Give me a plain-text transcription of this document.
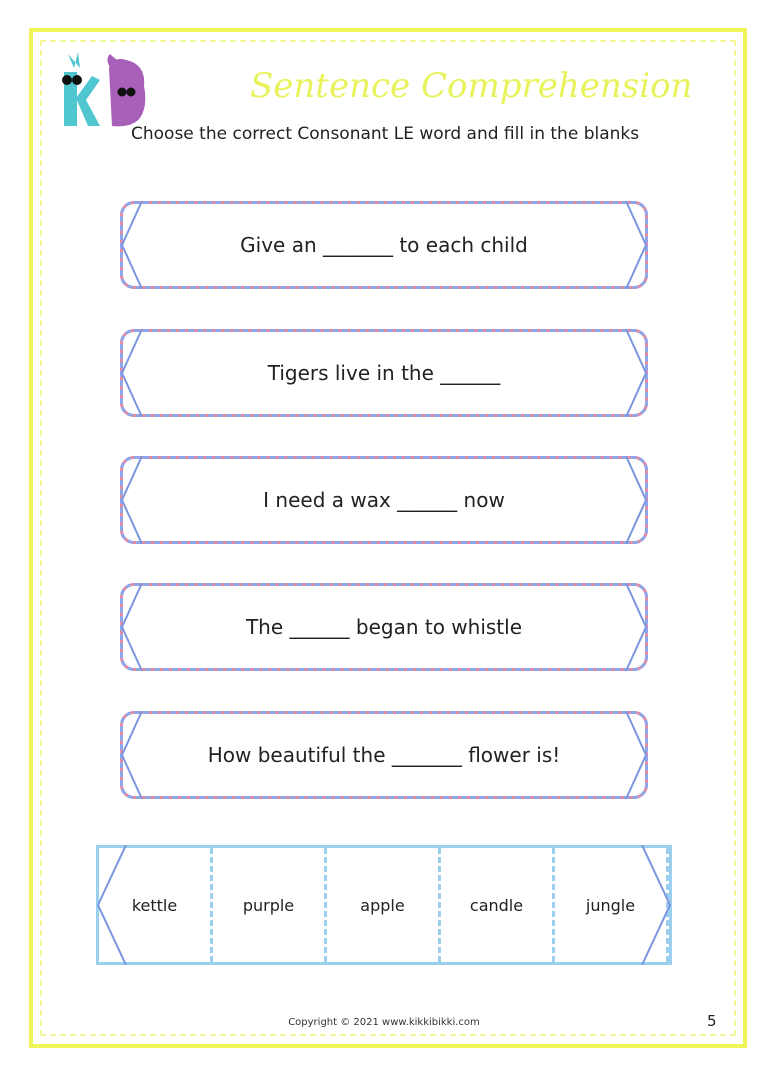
Sentence Comprehension
Choose the correct Consonant LE word and fill in the blanks
Give an _______ to each child
Tigers live in the ______
I need a wax ______ now
The ______ began to whistle
How beautiful the _______ flower is!
kettle	purple	apple	candle	jungle
Copyright © 2021 www.kikkibikki.com	5
